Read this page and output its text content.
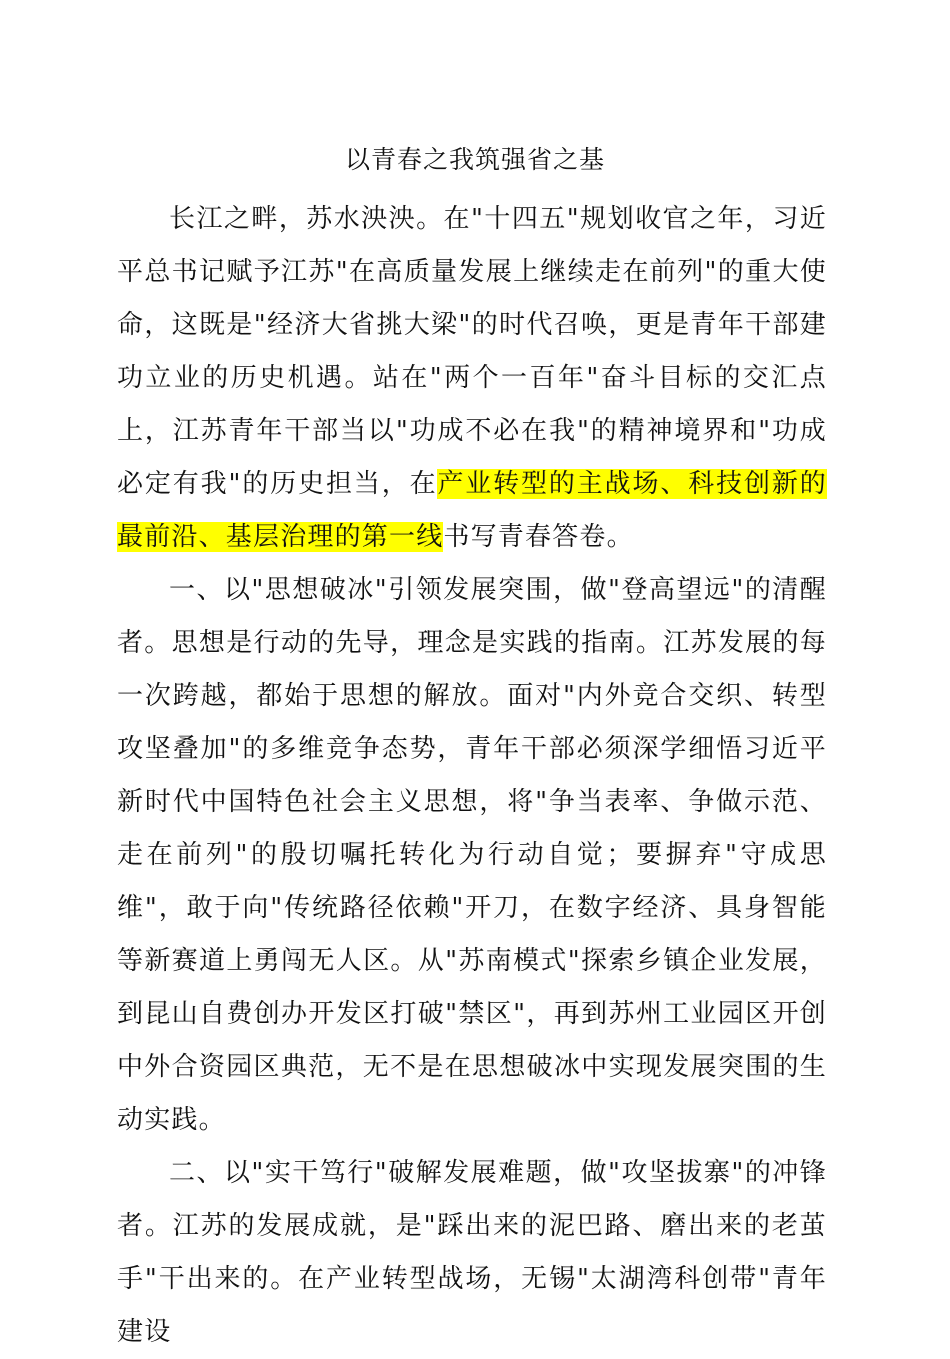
以青春之我筑强省之基

长江之畔，苏水泱泱。在"十四五"规划收官之年，习近平总书记赋予江苏"在高质量发展上继续走在前列"的重大使命，这既是"经济大省挑大梁"的时代召唤，更是青年干部建功立业的历史机遇。站在"两个一百年"奋斗目标的交汇点上，江苏青年干部当以"功成不必在我"的精神境界和"功成必定有我"的历史担当，在产业转型的主战场、科技创新的最前沿、基层治理的第一线书写青春答卷。

一、以"思想破冰"引领发展突围，做"登高望远"的清醒者。思想是行动的先导，理念是实践的指南。江苏发展的每一次跨越，都始于思想的解放。面对"内外竞合交织、转型攻坚叠加"的多维竞争态势，青年干部必须深学细悟习近平新时代中国特色社会主义思想，将"争当表率、争做示范、走在前列"的殷切嘱托转化为行动自觉；要摒弃"守成思维"，敢于向"传统路径依赖"开刀，在数字经济、具身智能等新赛道上勇闯无人区。从"苏南模式"探索乡镇企业发展，到昆山自费创办开发区打破"禁区"，再到苏州工业园区开创中外合资园区典范，无不是在思想破冰中实现发展突围的生动实践。

二、以"实干笃行"破解发展难题，做"攻坚拔寨"的冲锋者。江苏的发展成就，是"踩出来的泥巴路、磨出来的老茧手"干出来的。在产业转型战场，无锡"太湖湾科创带"青年建设
